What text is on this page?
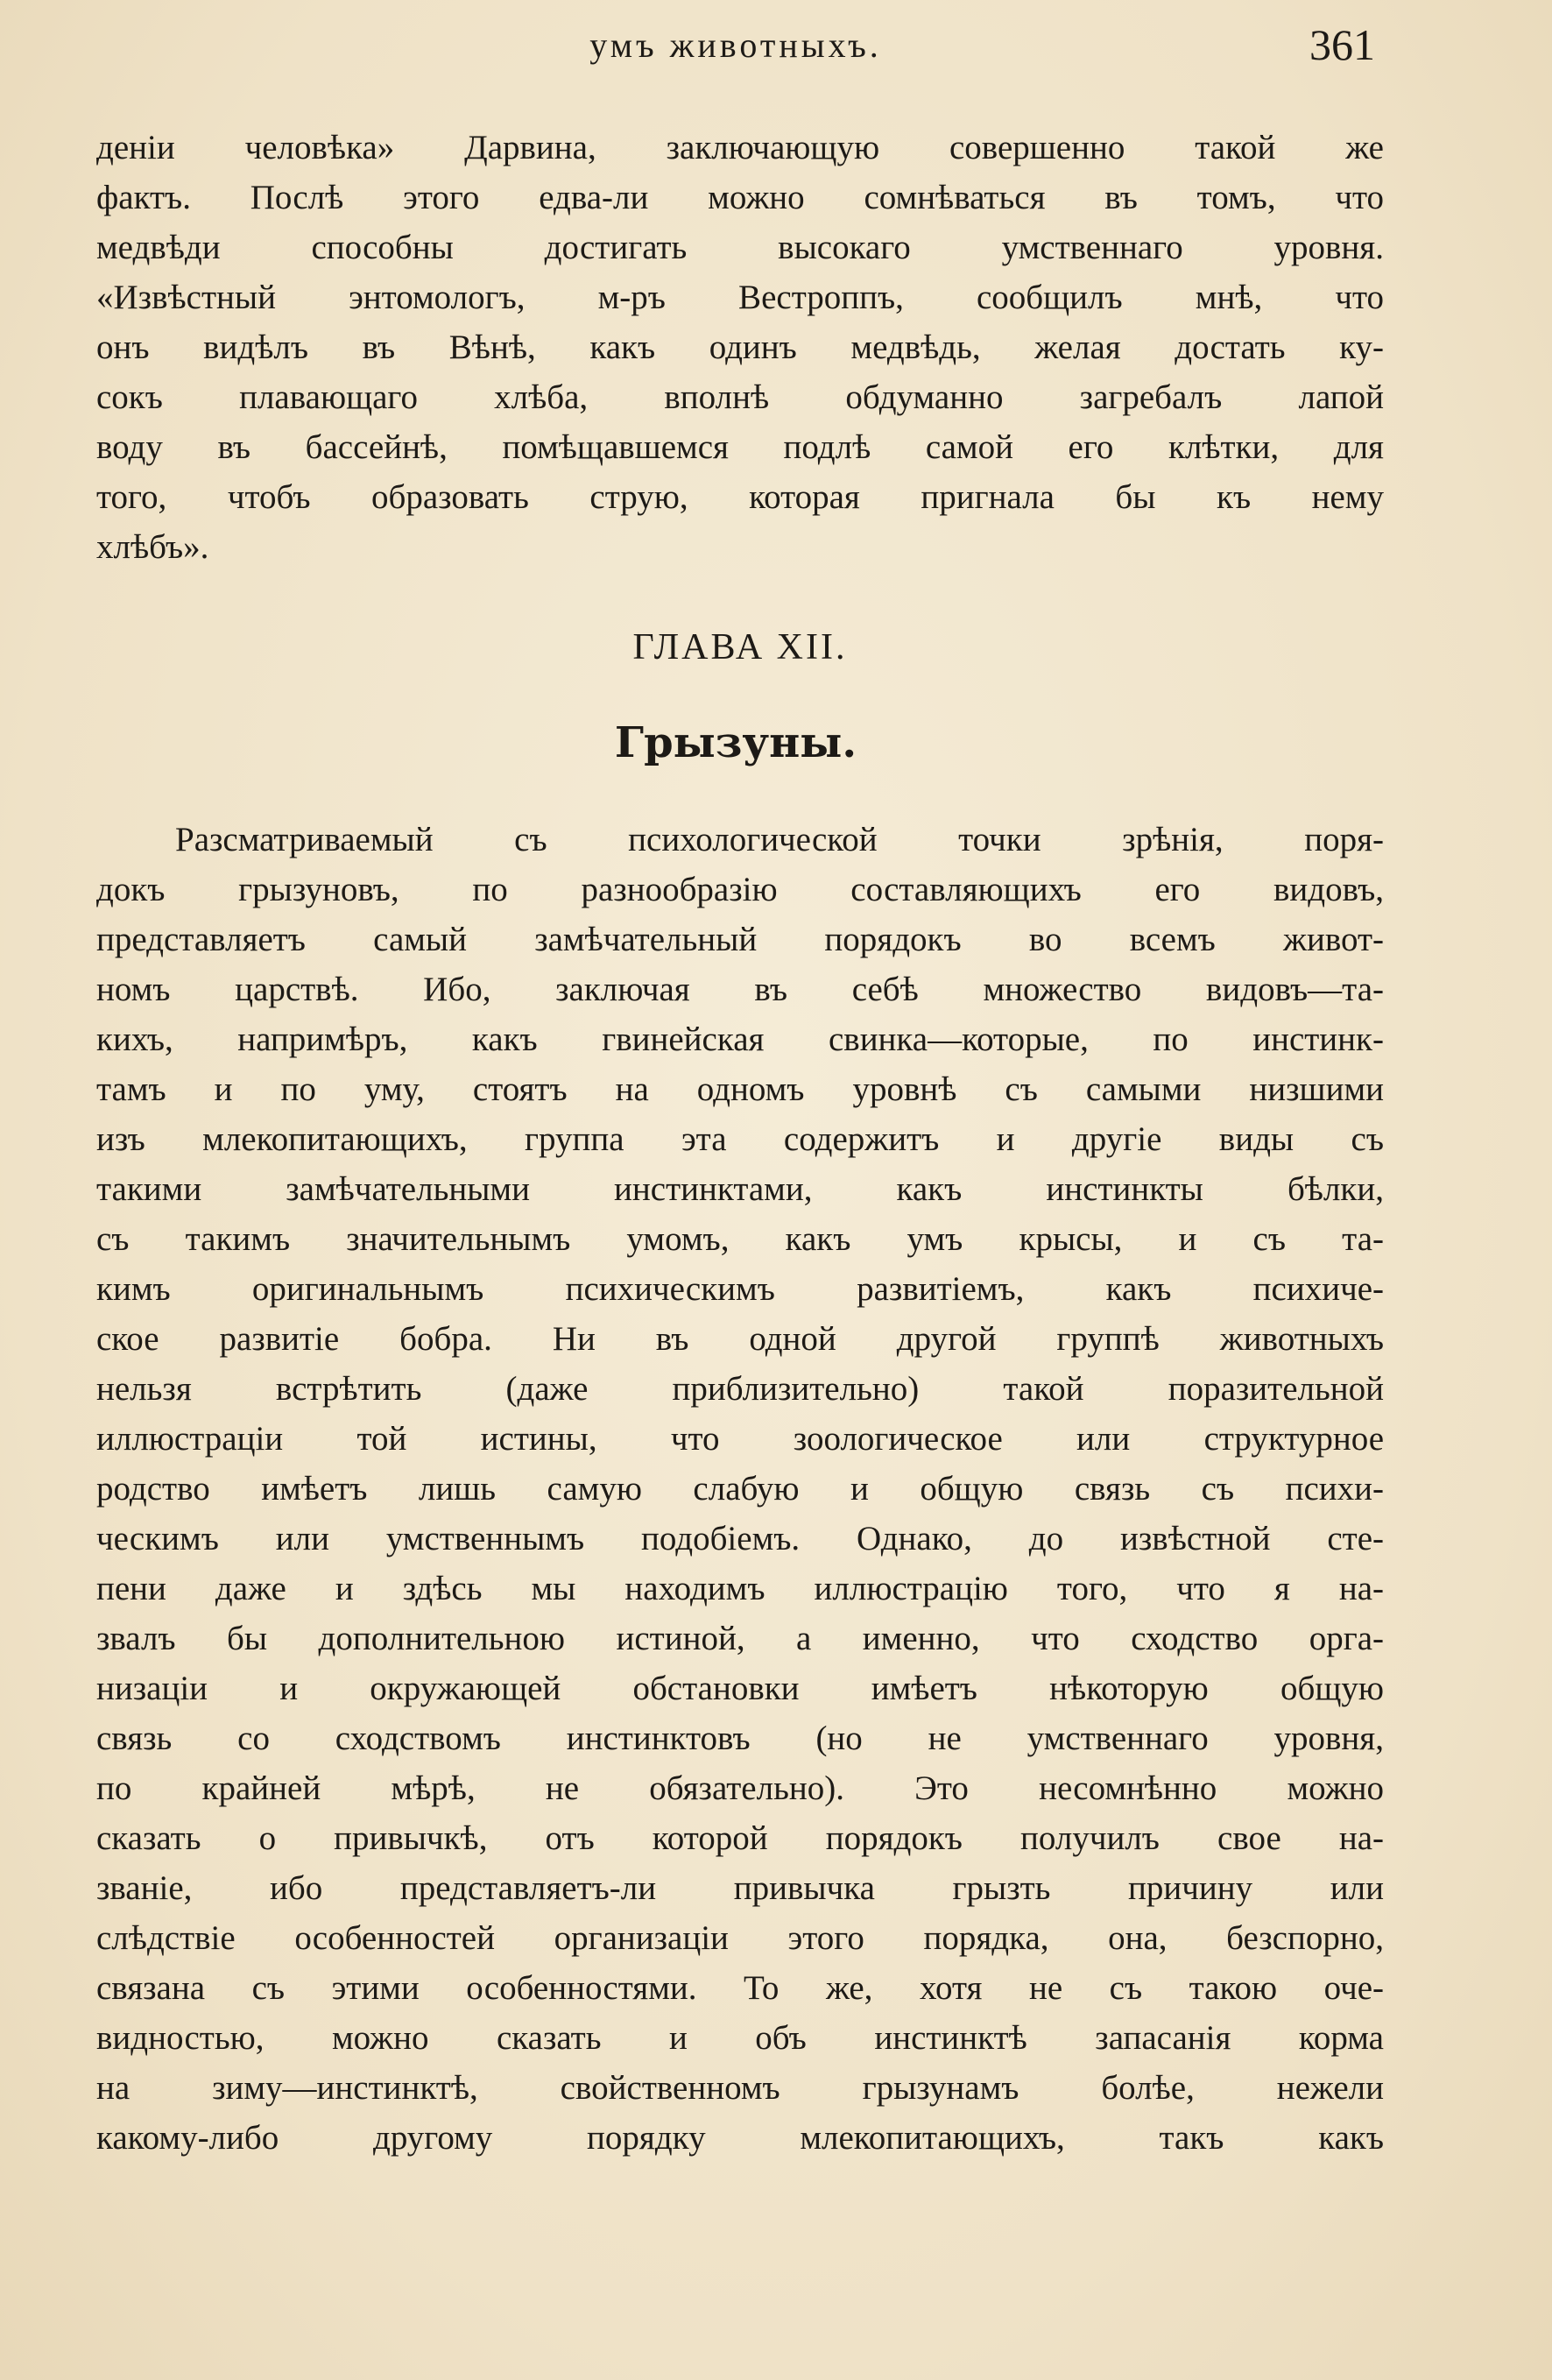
умъ животныхъ.	361
деніи человѣка» Дарвина, заключающую совершенно такой же
фактъ. Послѣ этого едва-ли можно сомнѣваться въ томъ, что
медвѣди способны достигать высокаго умственнаго уровня.
«Извѣстный энтомологъ, м-ръ Веcтроппъ, сообщилъ мнѣ, что
онъ видѣлъ въ Вѣнѣ, какъ одинъ медвѣдь, желая достать ку-
сокъ плавающаго хлѣба, вполнѣ обдуманно загребалъ лапой
воду въ бассейнѣ, помѣщавшемся подлѣ самой его клѣтки, для
того, чтобъ образовать струю, которая пригнала бы къ нему
хлѣбъ».
ГЛАВА XII.
Грызуны.
Разсматриваемый съ психологической точки зрѣнія, поря-
докъ грызуновъ, по разнообразію составляющихъ его видовъ,
представляетъ самый замѣчательный порядокъ во всемъ живот-
номъ царствѣ. Ибо, заключая въ себѣ множество видовъ—та-
кихъ, напримѣръ, какъ гвинейская свинка—которые, по инстинк-
тамъ и по уму, стоятъ на одномъ уровнѣ съ самыми низшими
изъ млекопитающихъ, группа эта содержитъ и другіе виды съ
такими замѣчательными инстинктами, какъ инстинкты бѣлки,
съ такимъ значительнымъ умомъ, какъ умъ крысы, и съ та-
кимъ оригинальнымъ психическимъ развитіемъ, какъ психиче-
ское развитіе бобра. Ни въ одной другой группѣ животныхъ
нельзя встрѣтить (даже приблизительно) такой поразительной
иллюстраціи той истины, что зоологическое или структурное
родство имѣетъ лишь самую слабую и общую связь съ психи-
ческимъ или умственнымъ подобіемъ. Однако, до извѣстной сте-
пени даже и здѣсь мы находимъ иллюстрацію того, что я на-
звалъ бы дополнительною истиной, а именно, что сходство орга-
низаціи и окружающей обстановки имѣетъ нѣкоторую общую
связь со сходствомъ инстинктовъ (но не умственнаго уровня,
по крайней мѣрѣ, не обязательно). Это несомнѣнно можно
сказать о привычкѣ, отъ которой порядокъ получилъ свое на-
званіе, ибо представляетъ-ли привычка грызть причину или
слѣдствіе особенностей организаціи этого порядка, она, безспорно,
связана съ этими особенностями. То же, хотя не съ такою оче-
видностью, можно сказать и объ инстинктѣ запасанія корма
на зиму—инстинктѣ, свойственномъ грызунамъ болѣе, нежели
какому-либо другому порядку млекопитающихъ, такъ какъ
